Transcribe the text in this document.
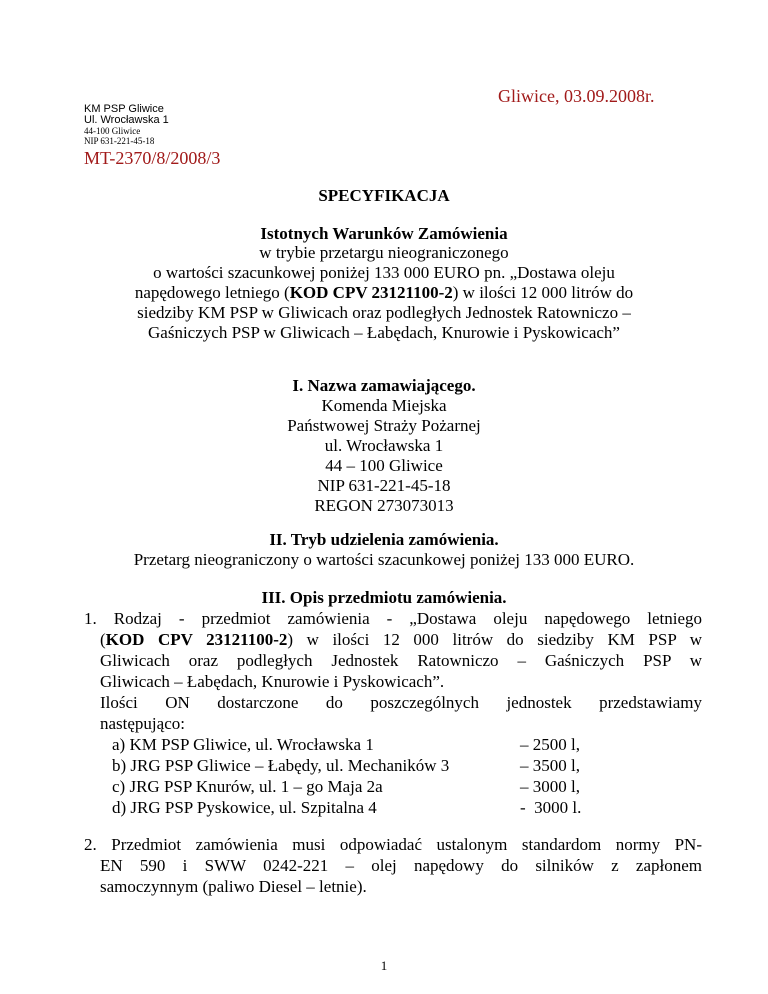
Gliwice, 03.09.2008r.
KM PSP Gliwice
Ul. Wrocławska 1
44-100 Gliwice
NIP 631-221-45-18
MT-2370/8/2008/3
SPECYFIKACJA
Istotnych Warunków Zamówienia
w trybie przetargu nieograniczonego
o wartości szacunkowej poniżej 133 000 EURO pn. „Dostawa oleju
napędowego letniego (KOD CPV 23121100-2) w ilości 12 000 litrów do
siedziby KM PSP w Gliwicach oraz podległych Jednostek Ratowniczo –
Gaśniczych PSP w Gliwicach – Łabędach, Knurowie i Pyskowicach”
I. Nazwa zamawiającego.
Komenda Miejska
Państwowej Straży Pożarnej
ul. Wrocławska 1
44 – 100 Gliwice
NIP 631-221-45-18
REGON 273073013
II. Tryb udzielenia zamówienia.
Przetarg nieograniczony o wartości szacunkowej poniżej 133 000 EURO.
III. Opis przedmiotu zamówienia.
1. Rodzaj - przedmiot zamówienia - „Dostawa oleju napędowego letniego
(KOD CPV 23121100-2) w ilości 12 000 litrów do siedziby KM PSP w
Gliwicach oraz podległych Jednostek Ratowniczo – Gaśniczych PSP w
Gliwicach – Łabędach, Knurowie i Pyskowicach”.
Ilości ON dostarczone do poszczególnych jednostek przedstawiamy
następująco:
a) KM PSP Gliwice, ul. Wrocławska 1	– 2500 l,
b) JRG PSP Gliwice – Łabędy, ul. Mechaników 3	– 3500 l,
c) JRG PSP Knurów, ul. 1 – go Maja 2a	– 3000 l,
d) JRG PSP Pyskowice, ul. Szpitalna 4	-  3000 l.
2. Przedmiot zamówienia musi odpowiadać ustalonym standardom normy PN-
EN 590 i SWW 0242-221 – olej napędowy do silników z zapłonem
samoczynnym (paliwo Diesel – letnie).
1
